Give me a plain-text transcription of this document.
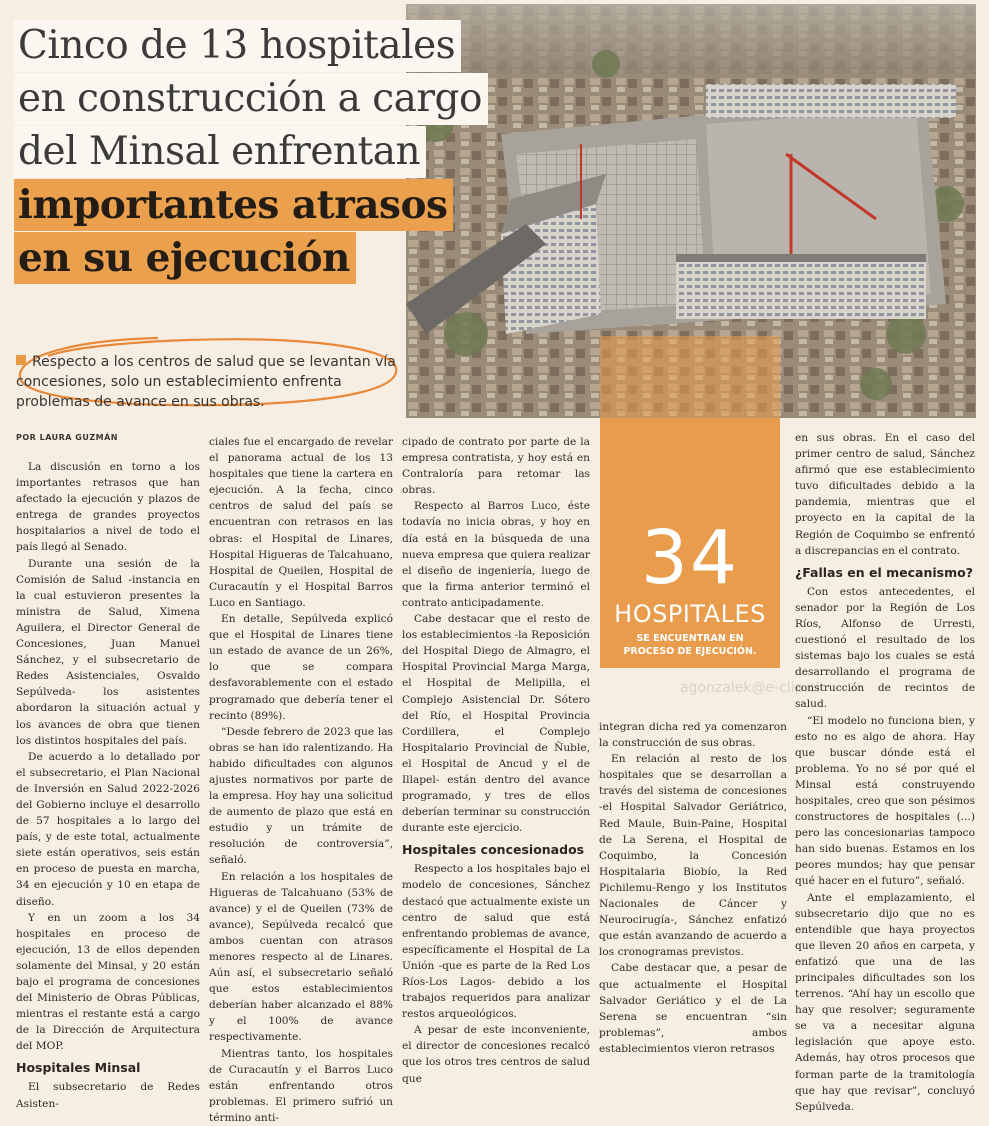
Cinco de 13 hospitales
en construcción a cargo
del Minsal enfrentan
importantes atrasos
en su ejecución
Respecto a los centros de salud que se levantan vía concesiones, solo un establecimiento enfrenta problemas de avance en sus obras.
POR LAURA GUZMÁN

La discusión en torno a los importantes retrasos que han afectado la ejecución y plazos de entrega de grandes proyectos hospitalarios a nivel de todo el país llegó al Senado.

Durante una sesión de la Comisión de Salud -instancia en la cual estuvieron presentes la ministra de Salud, Ximena Aguilera, el Director General de Concesiones, Juan Manuel Sánchez, y el subsecretario de Redes Asistenciales, Osvaldo Sepúlveda- los asistentes abordaron la situación actual y los avances de obra que tienen los distintos hospitales del país.

De acuerdo a lo detallado por el subsecretario, el Plan Nacional de Inversión en Salud 2022-2026 del Gobierno incluye el desarrollo de 57 hospitales a lo largo del país, y de este total, actualmente siete están operativos, seis están en proceso de puesta en marcha, 34 en ejecución y 10 en etapa de diseño.

Y en un zoom a los 34 hospitales en proceso de ejecución, 13 de ellos dependen solamente del Minsal, y 20 están bajo el programa de concesiones del Ministerio de Obras Públicas, mientras el restante está a cargo de la Dirección de Arquitectura del MOP.

Hospitales Minsal

El subsecretario de Redes Asisten-

ciales fue el encargado de revelar el panorama actual de los 13 hospitales que tiene la cartera en ejecución. A la fecha, cinco centros de salud del país se encuentran con retrasos en las obras: el Hospital de Linares, Hospital Higueras de Talcahuano, Hospital de Queilen, Hospital de Curacautín y el Hospital Barros Luco en Santiago.

En detalle, Sepúlveda explicó que el Hospital de Linares tiene un estado de avance de un 26%, lo que se compara desfavorablemente con el estado programado que debería tener el recinto (89%).

“Desde febrero de 2023 que las obras se han ido ralentizando. Ha habido dificultades con algunos ajustes normativos por parte de la empresa. Hoy hay una solicitud de aumento de plazo que está en estudio y un trámite de resolución de controversia”, señaló.

En relación a los hospitales de Higueras de Talcahuano (53% de avance) y el de Queilen (73% de avance), Sepúlveda recalcó que ambos cuentan con atrasos menores respecto al de Linares. Aún así, el subsecretario señaló que estos establecimientos deberían haber alcanzado el 88% y el 100% de avance respectivamente.

Mientras tanto, los hospitales de Curacautín y el Barros Luco están enfrentando otros problemas. El primero sufrió un término anti-

cipado de contrato por parte de la empresa contratista, y hoy está en Contraloría para retomar las obras.

Respecto al Barros Luco, éste todavía no inicia obras, y hoy en día está en la búsqueda de una nueva empresa que quiera realizar el diseño de ingeniería, luego de que la firma anterior terminó el contrato anticipadamente.

Cabe destacar que el resto de los establecimientos -la Reposición del Hospital Diego de Almagro, el Hospital Provincial Marga Marga, el Hospital de Melipilla, el Complejo Asistencial Dr. Sótero del Río, el Hospital Provincia Cordillera, el Complejo Hospitalario Provincial de Ñuble, el Hospital de Ancud y el de Illapel- están dentro del avance programado, y tres de ellos deberían terminar su construcción durante este ejercicio.

Hospitales concesionados

Respecto a los hospitales bajo el modelo de concesiones, Sánchez destacó que actualmente existe un centro de salud que está enfrentando problemas de avance, específicamente el Hospital de La Unión -que es parte de la Red Los Ríos-Los Lagos- debido a los trabajos requeridos para analizar restos arqueológicos.

A pesar de este inconveniente, el director de concesiones recalcó que los otros tres centros de salud que

34
HOSPITALES
SE ENCUENTRAN EN PROCESO DE EJECUCIÓN.
agonzalek@e-clip.cl

integran dicha red ya comenzaron la construcción de sus obras.

En relación al resto de los hospitales que se desarrollan a través del sistema de concesiones -el Hospital Salvador Geriátrico, Red Maule, Buin-Paine, Hospital de La Serena, el Hospital de Coquimbo, la Concesión Hospitalaria Biobío, la Red Pichilemu-Rengo y los Institutos Nacionales de Cáncer y Neurocirugía-, Sánchez enfatizó que están avanzando de acuerdo a los cronogramas previstos.

Cabe destacar que, a pesar de que actualmente el Hospital Salvador Geriático y el de La Serena se encuentran “sin problemas”, ambos establecimientos vieron retrasos

en sus obras. En el caso del primer centro de salud, Sánchez afirmó que ese establecimiento tuvo dificultades debido a la pandemia, mientras que el proyecto en la capital de la Región de Coquimbo se enfrentó a discrepancias en el contrato.

¿Fallas en el mecanismo?

Con estos antecedentes, el senador por la Región de Los Ríos, Alfonso de Urresti, cuestionó el resultado de los sistemas bajo los cuales se está desarrollando el programa de construcción de recintos de salud.

“El modelo no funciona bien, y esto no es algo de ahora. Hay que buscar dónde está el problema. Yo no sé por qué el Minsal está construyendo hospitales, creo que son pésimos constructores de hospitales (...) pero las concesionarias tampoco han sido buenas. Estamos en los peores mundos; hay que pensar qué hacer en el futuro”, señaló.

Ante el emplazamiento, el subsecretario dijo que no es entendible que haya proyectos que lleven 20 años en carpeta, y enfatizó que una de las principales dificultades son los terrenos. “Ahí hay un escollo que hay que resolver; seguramente se va a necesitar alguna legislación que apoye esto. Además, hay otros procesos que forman parte de la tramitología que hay que revisar”, concluyó Sepúlveda.
